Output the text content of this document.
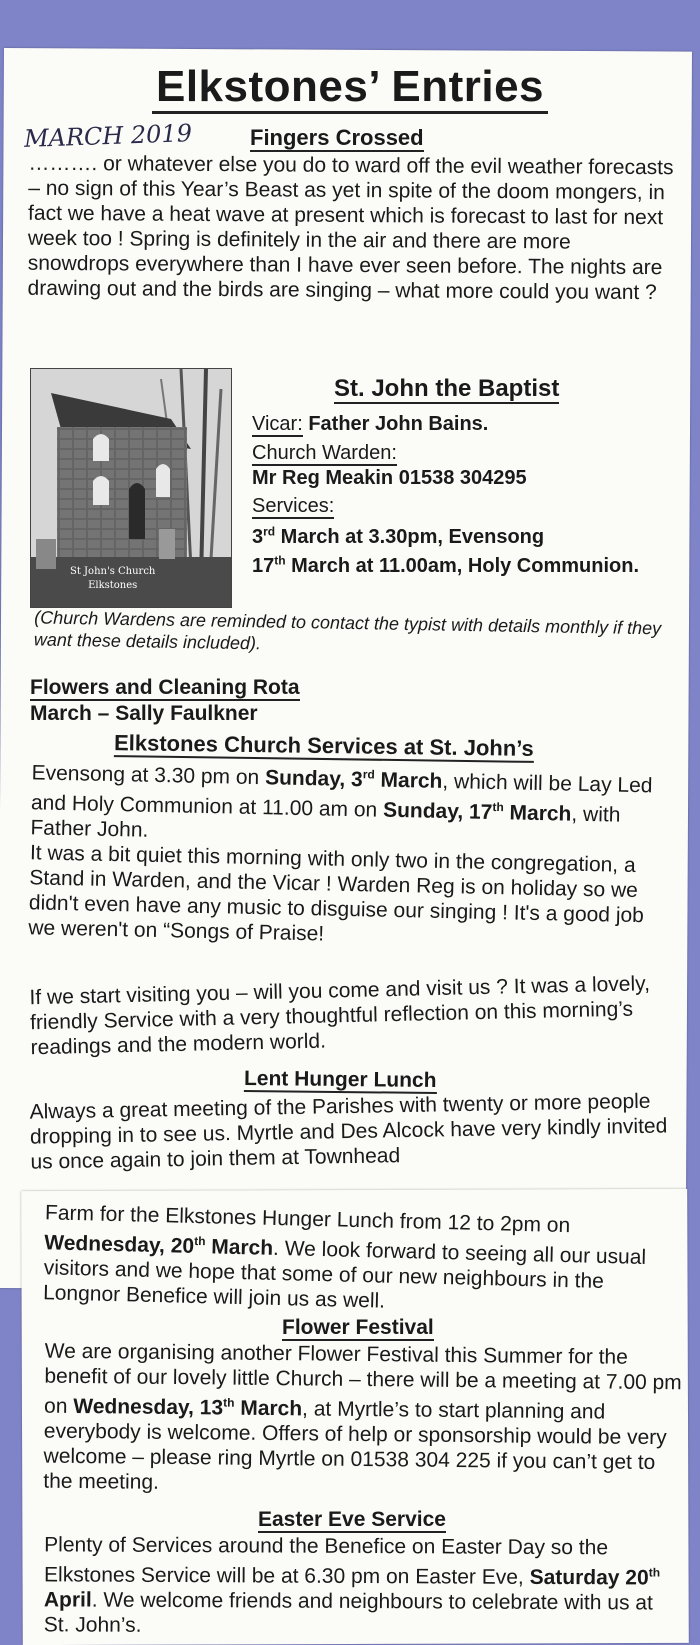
Elkstones’ Entries
MARCH 2019	Fingers Crossed
………. or whatever else you do to ward off the evil weather forecasts – no sign of this Year’s Beast as yet in spite of the doom mongers, in fact we have a heat wave at present which is forecast to last for next week too ! Spring is definitely in the air and there are more snowdrops everywhere than I have ever seen before. The nights are drawing out and the birds are singing – what more could you want ?
St John's Church
Elkstones
St. John the Baptist
Vicar: Father John Bains.
Church Warden:
Mr Reg Meakin 01538 304295
Services:
3rd March at 3.30pm, Evensong
17th March at 11.00am, Holy Communion.
(Church Wardens are reminded to contact the typist with details monthly if they want these details included).
Flowers and Cleaning Rota
March – Sally Faulkner
Elkstones Church Services at St. John’s
Evensong at 3.30 pm on Sunday, 3rd March, which will be Lay Led and Holy Communion at 11.00 am on Sunday, 17th March, with Father John.
It was a bit quiet this morning with only two in the congregation, a Stand in Warden, and the Vicar ! Warden Reg is on holiday so we didn't even have any music to disguise our singing ! It's a good job we weren't on “Songs of Praise!
If we start visiting you – will you come and visit us ? It was a lovely, friendly Service with a very thoughtful reflection on this morning’s readings and the modern world.
Lent Hunger Lunch
Always a great meeting of the Parishes with twenty or more people dropping in to see us. Myrtle and Des Alcock have very kindly invited us once again to join them at Townhead
Farm for the Elkstones Hunger Lunch from 12 to 2pm on Wednesday, 20th March. We look forward to seeing all our usual visitors and we hope that some of our new neighbours in the Longnor Benefice will join us as well.
Flower Festival
We are organising another Flower Festival this Summer for the benefit of our lovely little Church – there will be a meeting at 7.00 pm on Wednesday, 13th March, at Myrtle’s to start planning and everybody is welcome. Offers of help or sponsorship would be very welcome – please ring Myrtle on 01538 304 225 if you can’t get to the meeting.
Easter Eve Service
Plenty of Services around the Benefice on Easter Day so the Elkstones Service will be at 6.30 pm on Easter Eve, Saturday 20th April. We welcome friends and neighbours to celebrate with us at St. John’s.
